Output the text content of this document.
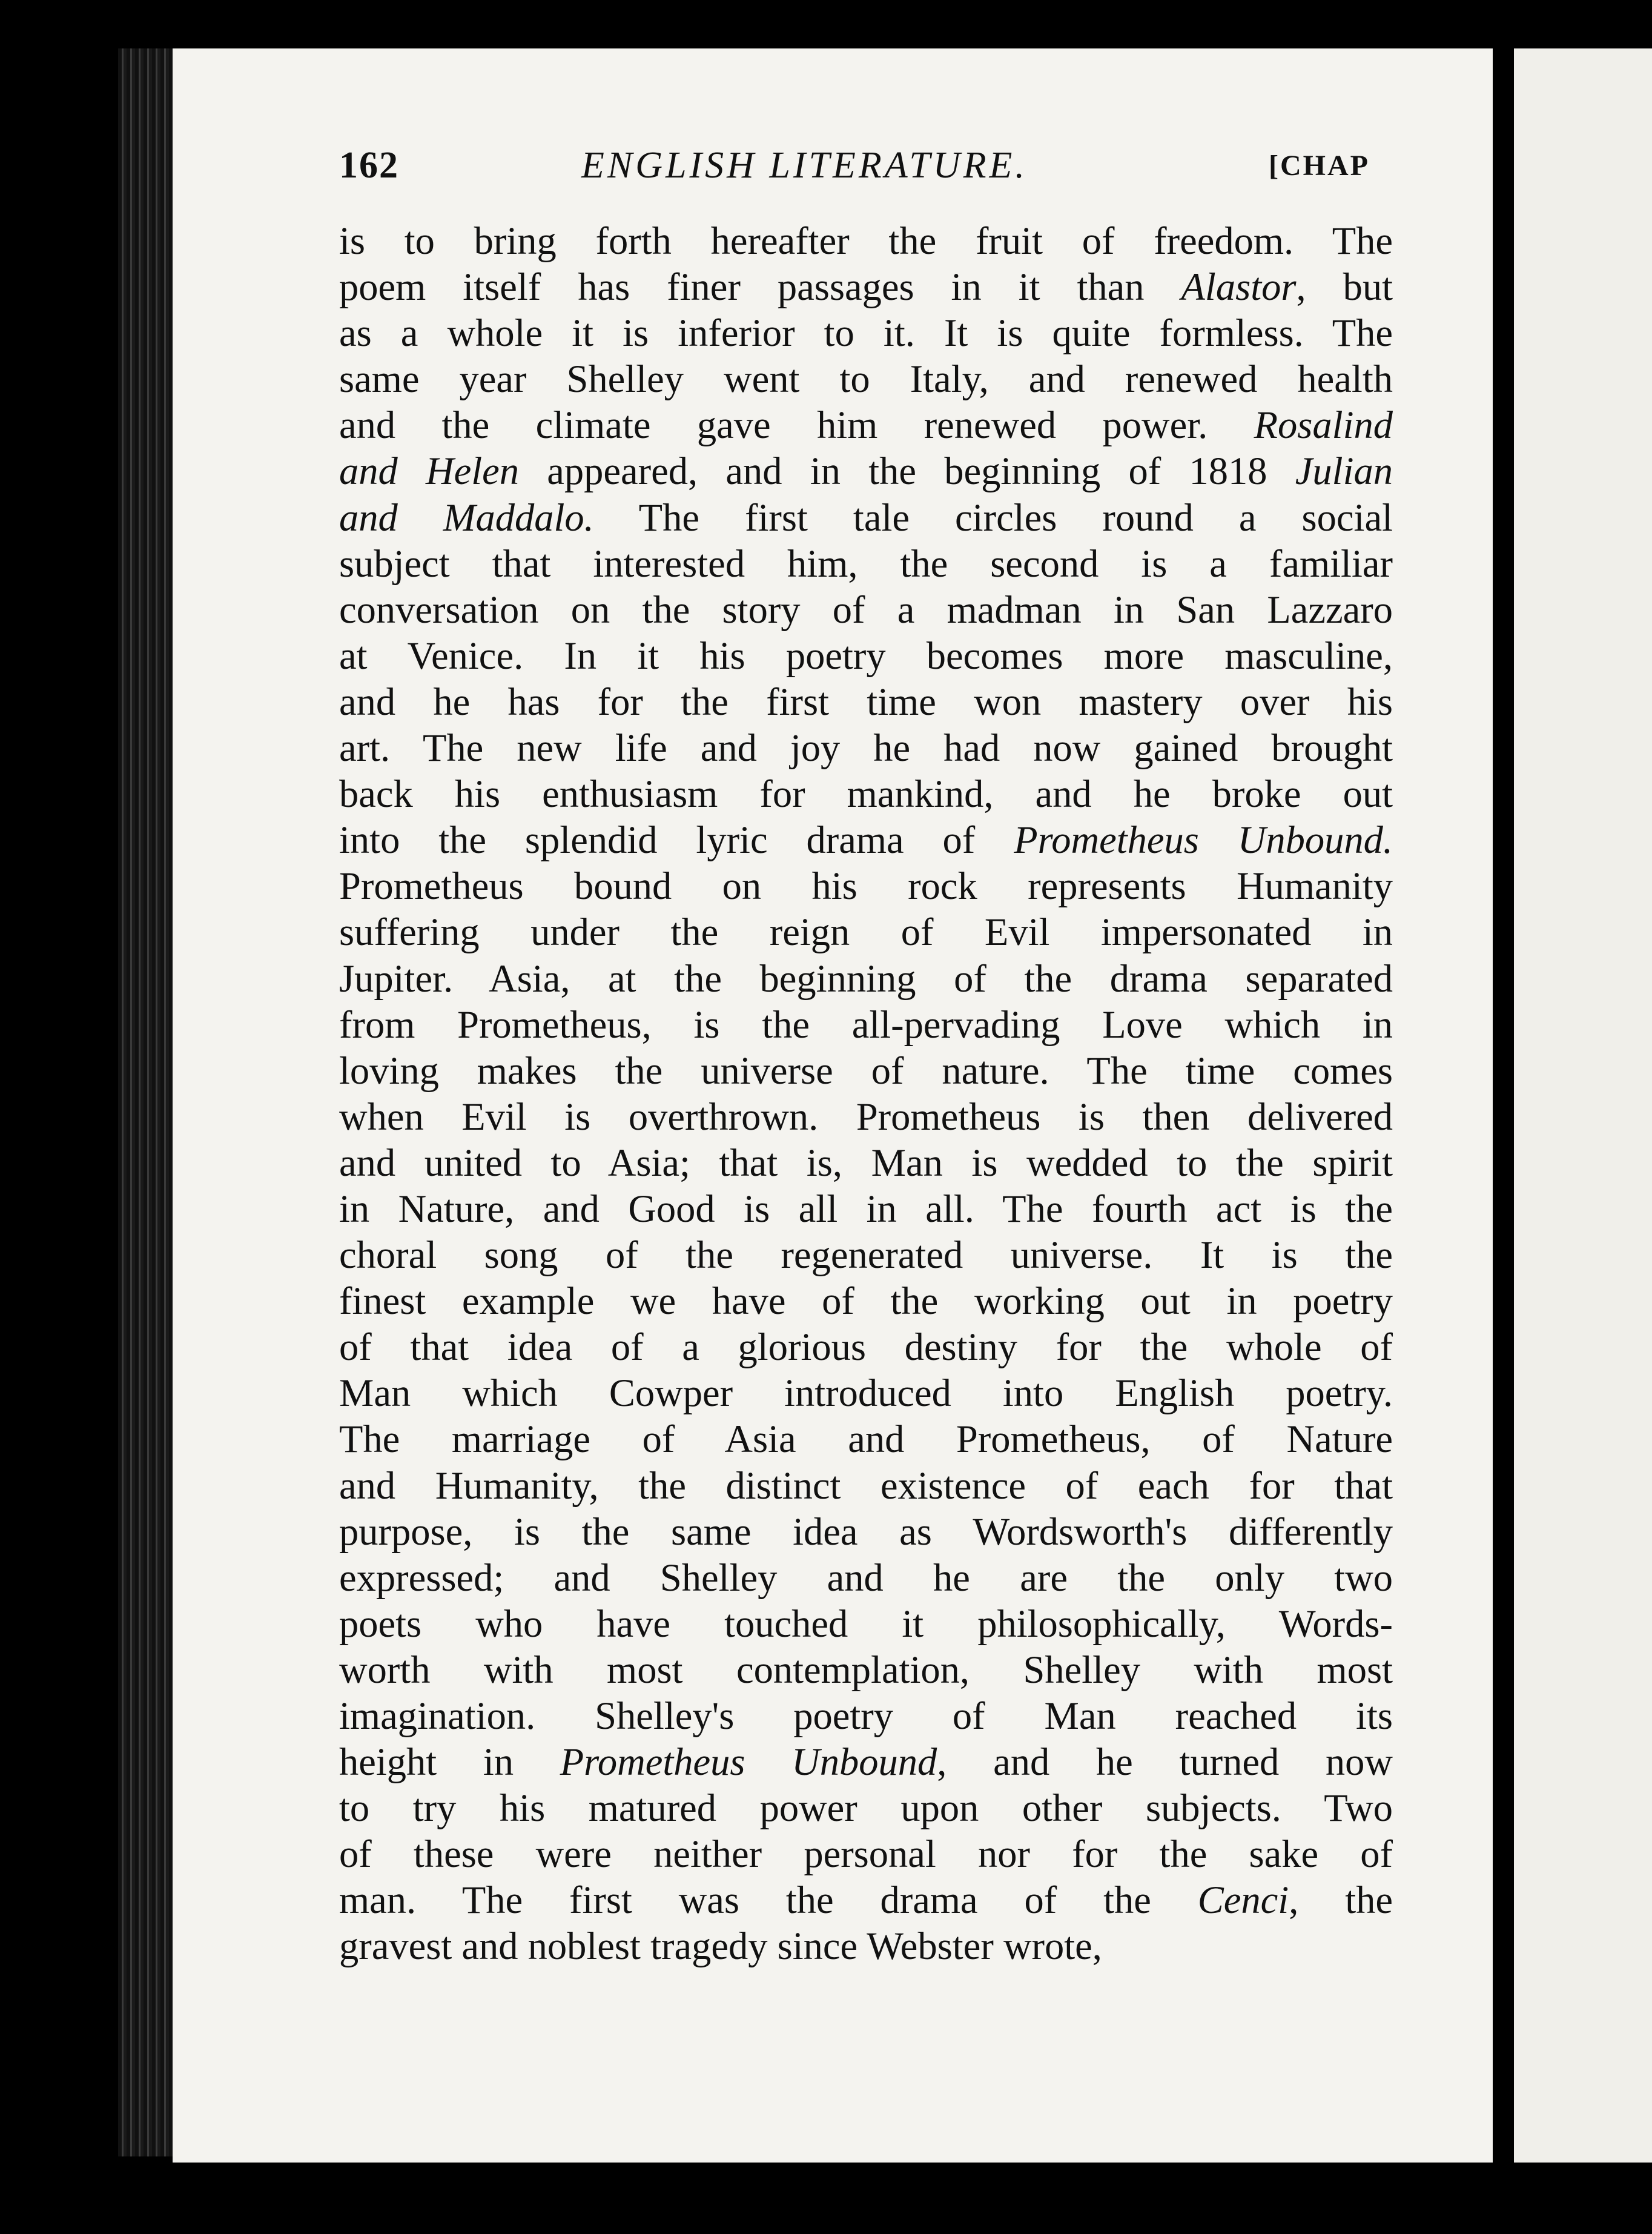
162	ENGLISH LITERATURE.	[CHAP
is to bring forth hereafter the fruit of freedom. The
poem itself has finer passages in it than Alastor, but
as a whole it is inferior to it. It is quite formless. The
same year Shelley went to Italy, and renewed health
and the climate gave him renewed power. Rosalind
and Helen appeared, and in the beginning of 1818 Julian
and Maddalo. The first tale circles round a social
subject that interested him, the second is a familiar
conversation on the story of a madman in San Lazzaro
at Venice. In it his poetry becomes more masculine,
and he has for the first time won mastery over his
art. The new life and joy he had now gained brought
back his enthusiasm for mankind, and he broke out
into the splendid lyric drama of Prometheus Unbound.
Prometheus bound on his rock represents Humanity
suffering under the reign of Evil impersonated in
Jupiter. Asia, at the beginning of the drama separated
from Prometheus, is the all-pervading Love which in
loving makes the universe of nature. The time comes
when Evil is overthrown. Prometheus is then delivered
and united to Asia; that is, Man is wedded to the spirit
in Nature, and Good is all in all. The fourth act is the
choral song of the regenerated universe. It is the
finest example we have of the working out in poetry
of that idea of a glorious destiny for the whole of
Man which Cowper introduced into English poetry.
The marriage of Asia and Prometheus, of Nature
and Humanity, the distinct existence of each for that
purpose, is the same idea as Wordsworth's differently
expressed; and Shelley and he are the only two
poets who have touched it philosophically, Words-
worth with most contemplation, Shelley with most
imagination. Shelley's poetry of Man reached its
height in Prometheus Unbound, and he turned now
to try his matured power upon other subjects. Two
of these were neither personal nor for the sake of
man. The first was the drama of the Cenci, the
gravest and noblest tragedy since Webster wrote,
